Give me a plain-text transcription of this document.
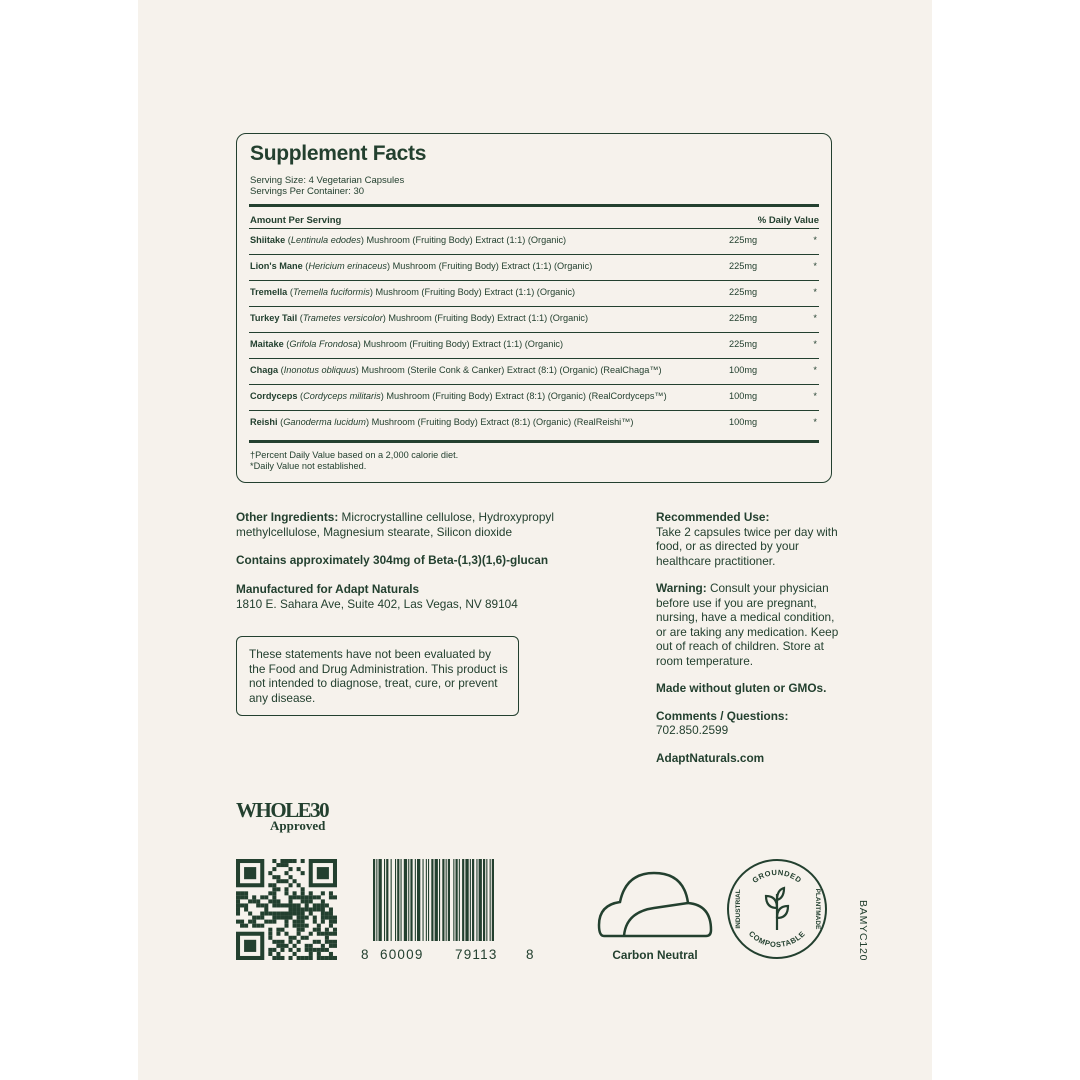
Supplement Facts
Serving Size: 4 Vegetarian Capsules
Servings Per Container: 30
Amount Per Serving	% Daily Value
Shiitake (Lentinula edodes) Mushroom (Fruiting Body) Extract (1:1) (Organic)	225mg	*
Lion's Mane (Hericium erinaceus) Mushroom (Fruiting Body) Extract (1:1) (Organic)	225mg	*
Tremella (Tremella fuciformis) Mushroom (Fruiting Body) Extract (1:1) (Organic)	225mg	*
Turkey Tail (Trametes versicolor) Mushroom (Fruiting Body) Extract (1:1) (Organic)	225mg	*
Maitake (Grifola Frondosa) Mushroom (Fruiting Body) Extract (1:1) (Organic)	225mg	*
Chaga (Inonotus obliquus) Mushroom (Sterile Conk & Canker) Extract (8:1) (Organic) (RealChaga™)	100mg	*
Cordyceps (Cordyceps militaris) Mushroom (Fruiting Body) Extract (8:1) (Organic) (RealCordyceps™)	100mg	*
Reishi (Ganoderma lucidum) Mushroom (Fruiting Body) Extract (8:1) (Organic) (RealReishi™)	100mg	*
†Percent Daily Value based on a 2,000 calorie diet.
*Daily Value not established.
Other Ingredients: Microcrystalline cellulose, Hydroxypropyl methylcellulose, Magnesium stearate, Silicon dioxide
Contains approximately 304mg of Beta-(1,3)(1,6)-glucan
Manufactured for Adapt Naturals
1810 E. Sahara Ave, Suite 402, Las Vegas, NV 89104
These statements have not been evaluated by the Food and Drug Administration. This product is not intended to diagnose, treat, cure, or prevent any disease.

Recommended Use:
Take 2 capsules twice per day with food, or as directed by your healthcare practitioner.

Warning: Consult your physician before use if you are pregnant, nursing, have a medical condition, or are taking any medication. Keep out of reach of children. Store at room temperature.

Made without gluten or GMOs.

Comments / Questions:
702.850.2599

AdaptNaturals.com

WHOLE30
Approved
8 60009 79113 8	Carbon Neutral
GROUNDED
COMPOSTABLE
INDUSTRIAL	PLANTMADE	BAMYC120
